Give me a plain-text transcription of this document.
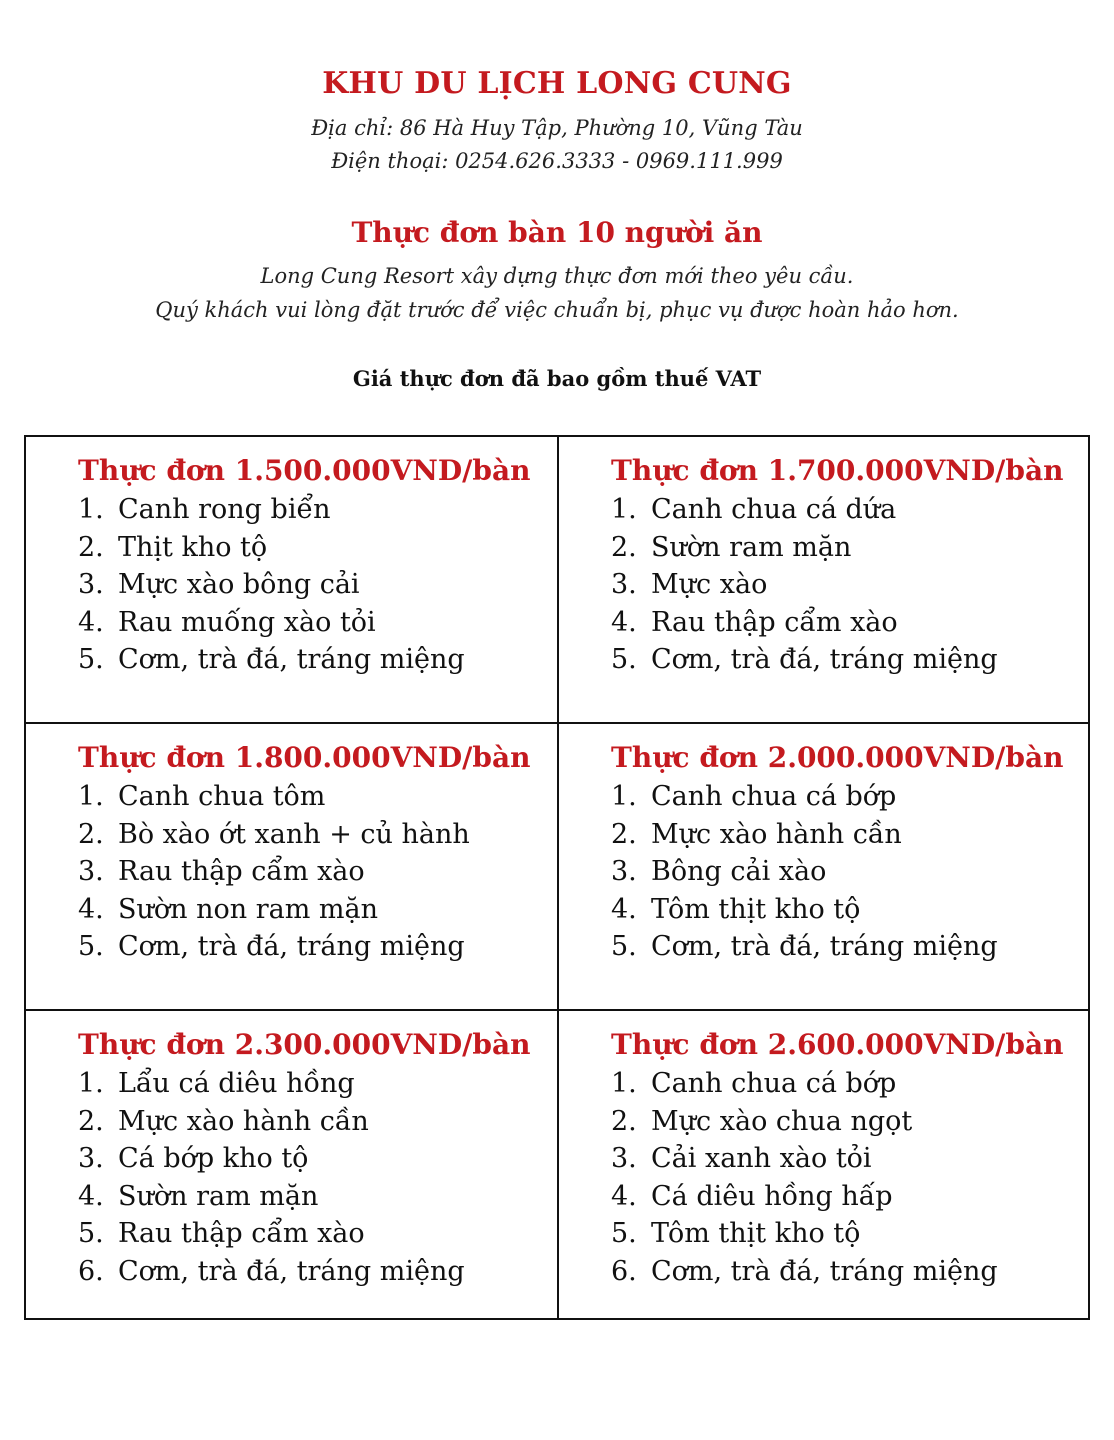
KHU DU LỊCH LONG CUNG
Địa chỉ: 86 Hà Huy Tập, Phường 10, Vũng Tàu
Điện thoại: 0254.626.3333 - 0969.111.999
Thực đơn bàn 10 người ăn
Long Cung Resort xây dựng thực đơn mới theo yêu cầu.
Quý khách vui lòng đặt trước để việc chuẩn bị, phục vụ được hoàn hảo hơn.
Giá thực đơn đã bao gồm thuế VAT
Thực đơn 1.500.000VND/bàn
1. Canh rong biển
2. Thịt kho tộ
3. Mực xào bông cải
4. Rau muống xào tỏi
5. Cơm, trà đá, tráng miệng
Thực đơn 1.700.000VND/bàn
1. Canh chua cá dứa
2. Sườn ram mặn
3. Mực xào
4. Rau thập cẩm xào
5. Cơm, trà đá, tráng miệng
Thực đơn 1.800.000VND/bàn
1. Canh chua tôm
2. Bò xào ớt xanh + củ hành
3. Rau thập cẩm xào
4. Sườn non ram mặn
5. Cơm, trà đá, tráng miệng
Thực đơn 2.000.000VND/bàn
1. Canh chua cá bớp
2. Mực xào hành cần
3. Bông cải xào
4. Tôm thịt kho tộ
5. Cơm, trà đá, tráng miệng
Thực đơn 2.300.000VND/bàn
1. Lẩu cá diêu hồng
2. Mực xào hành cần
3. Cá bớp kho tộ
4. Sườn ram mặn
5. Rau thập cẩm xào
6. Cơm, trà đá, tráng miệng
Thực đơn 2.600.000VND/bàn
1. Canh chua cá bớp
2. Mực xào chua ngọt
3. Cải xanh xào tỏi
4. Cá diêu hồng hấp
5. Tôm thịt kho tộ
6. Cơm, trà đá, tráng miệng
